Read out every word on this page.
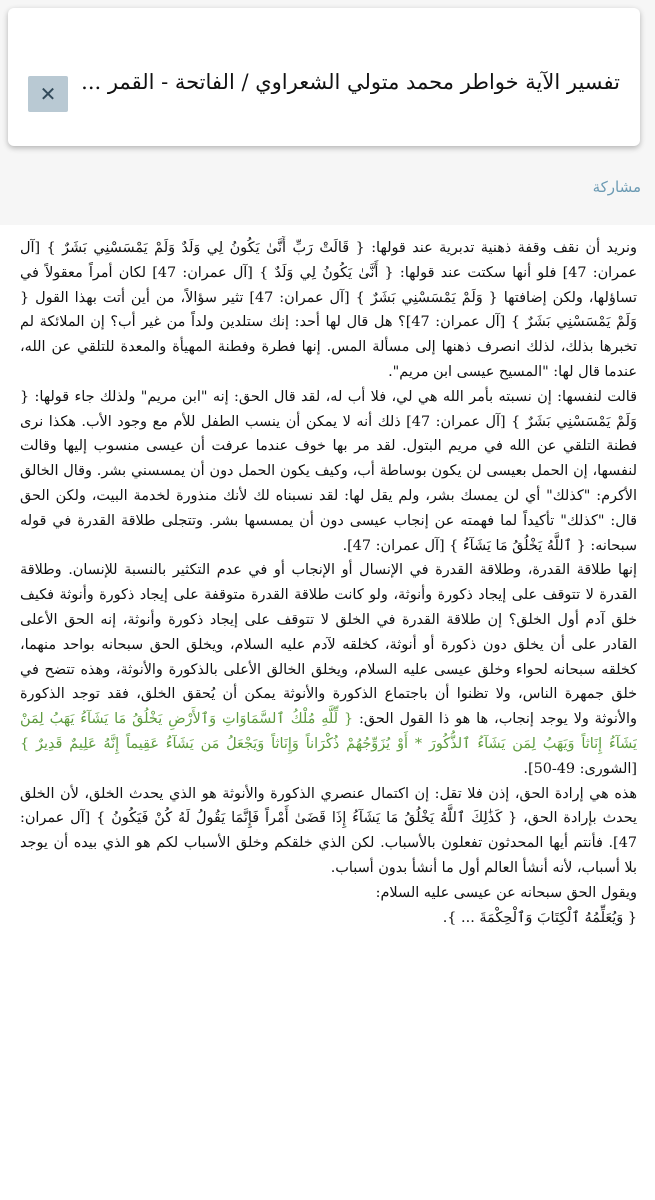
تفسير الآية خواطر محمد متولي الشعراوي / الفاتحة - القمر ...
✕
مشاركة

ونريد أن نقف وقفة ذهنية تدبرية عند قولها: { قَالَتْ رَبِّ أَنَّىٰ يَكُونُ لِي وَلَدٌ وَلَمْ يَمْسَسْنِي بَشَرٌ } [آل عمران: 47] فلو أنها سكتت عند قولها: { أَنَّىٰ يَكُونُ لِي وَلَدٌ } [آل عمران: 47] لكان أمراً معقولاً في تساؤلها، ولكن إضافتها { وَلَمْ يَمْسَسْنِي بَشَرٌ } [آل عمران: 47] تثير سؤالاً، من أين أتت بهذا القول { وَلَمْ يَمْسَسْنِي بَشَرٌ } [آل عمران: 47]؟ هل قال لها أحد: إنك ستلدين ولداً من غير أب؟ إن الملائكة لم تخبرها بذلك، لذلك انصرف ذهنها إلى مسألة المس. إنها فطرة وفطنة المهيأة والمعدة للتلقي عن الله، عندما قال لها: "المسيح عيسى ابن مريم".

قالت لنفسها: إن نسبته بأمر الله هي لي، فلا أب له، لقد قال الحق: إنه "ابن مريم" ولذلك جاء قولها: { وَلَمْ يَمْسَسْنِي بَشَرٌ } [آل عمران: 47] ذلك أنه لا يمكن أن ينسب الطفل للأم مع وجود الأب. هكذا نرى فطنة التلقي عن الله في مريم البتول. لقد مر بها خوف عندما عرفت أن عيسى منسوب إليها وقالت لنفسها، إن الحمل بعيسى لن يكون بوساطة أب، وكيف يكون الحمل دون أن يمسسني بشر. وقال الخالق الأكرم: "كذلك" أي لن يمسك بشر، ولم يقل لها: لقد نسبناه لك لأنك منذورة لخدمة البيت، ولكن الحق قال: "كذلك" تأكيداً لما فهمته عن إنجاب عيسى دون أن يمسسها بشر. وتتجلى طلاقة القدرة في قوله سبحانه: { ٱللَّهُ يَخْلُقُ مَا يَشَآءُ } [آل عمران: 47].

إنها طلاقة القدرة، وطلاقة القدرة في الإنسال أو الإنجاب أو في عدم التكثير بالنسبة للإنسان. وطلاقة القدرة لا تتوقف على إيجاد ذكورة وأنوثة، ولو كانت طلاقة القدرة متوقفة على إيجاد ذكورة وأنوثة فكيف خلق آدم أول الخلق؟ إن طلاقة القدرة في الخلق لا تتوقف على إيجاد ذكورة وأنوثة، إنه الحق الأعلى القادر على أن يخلق دون ذكورة أو أنوثة، كخلقه لآدم عليه السلام، ويخلق الحق سبحانه بواحد منهما، كخلقه سبحانه لحواء وخلق عيسى عليه السلام، ويخلق الخالق الأعلى بالذكورة والأنوثة، وهذه تتضح في خلق جمهرة الناس، ولا تظنوا أن باجتماع الذكورة والأنوثة يمكن أن يُحقق الخلق، فقد توجد الذكورة والأنوثة ولا يوجد إنجاب، ها هو ذا القول الحق: { لِّلَّهِ مُلْكُ ٱلسَّمَاوَاتِ وَٱلأَرْضِ يَخْلُقُ مَا يَشَآءُ يَهَبُ لِمَنْ يَشَآءُ إِنَاثاً وَيَهَبُ لِمَن يَشَآءُ ٱلذُّكُورَ * أَوْ يُزَوِّجُهُمْ ذُكْرَاناً وَإِنَاثاً وَيَجْعَلُ مَن يَشَآءُ عَقِيماً إِنَّهُ عَلِيمٌ قَدِيرٌ } [الشورى: 49-50].

هذه هي إرادة الحق، إذن فلا تقل: إن اكتمال عنصري الذكورة والأنوثة هو الذي يحدث الخلق، لأن الخلق يحدث بإرادة الحق، { كَذَٰلِكَ ٱللَّهُ يَخْلُقُ مَا يَشَآءُ إِذَا قَضَىٰ أَمْراً فَإِنَّمَا يَقُولُ لَهُ كُنْ فَيَكُونُ } [آل عمران: 47]. فأنتم أيها المحدثون تفعلون بالأسباب. لكن الذي خلقكم وخلق الأسباب لكم هو الذي بيده أن يوجد بلا أسباب، لأنه أنشأ العالم أول ما أنشأ بدون أسباب.

ويقول الحق سبحانه عن عيسى عليه السلام:

{ وَيُعَلِّمُهُ ٱلْكِتَابَ وَٱلْحِكْمَةَ ... }.
